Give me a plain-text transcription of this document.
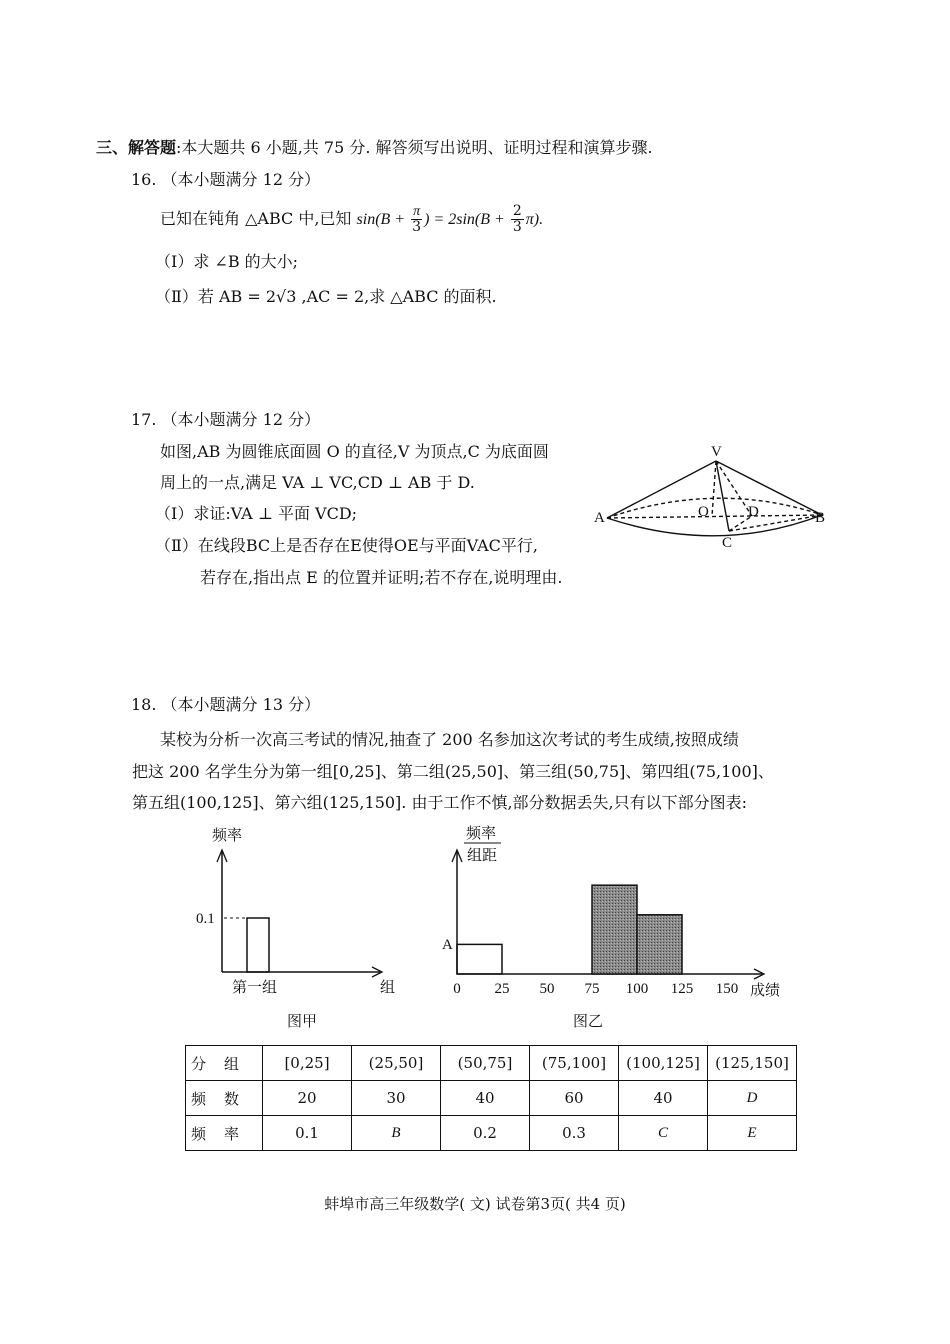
三、解答题:本大题共 6 小题,共 75 分. 解答须写出说明、证明过程和演算步骤.
16. （本小题满分 12 分）
已知在钝角 △ABC 中,已知 $\sin(B + \frac{\pi}{3}$ ) = $2\sin(B + \frac{2}{3} \pi)$.
（Ⅰ）求 ∠B 的大小;
（Ⅱ）若 AB = 2√3 ,AC = 2,求 △ABC 的面积.
17. （本小题满分 12 分）
如图,AB 为圆锥底面圆 O 的直径,V 为顶点,C 为底面圆
周上的一点,满足 VA ⊥ VC,CD ⊥ AB 于 D.
（Ⅰ）求证:VA ⊥ 平面 VCD;
（Ⅱ）在线段BC上是否存在E使得OE与平面VAC平行,
若存在,指出点 E 的位置并证明;若不存在,说明理由.
18. （本小题满分 13 分）
某校为分析一次高三考试的情况,抽查了 200 名参加这次考试的考生成绩,按照成绩
把这 200 名学生分为第一组[0,25]、第二组(25,50]、第三组(50,75]、第四组(75,100]、
第五组(100,125]、第六组(125,150]. 由于工作不慎,部分数据丢失,只有以下部分图表:
V
A	O	D	B
C
频率
组
第一组
0.1
图甲
频率
组距
成绩
图乙
0 25 50 75 100 125 150
A
分组	[0,25]	(25,50]	(50,75]	(75,100]	(100,125]	(125,150]
频数	20	30	40	60	40	D
频率	0.1	B	0.2	0.3	C	E
蚌埠市高三年级数学( 文) 试卷第3页( 共4 页)
